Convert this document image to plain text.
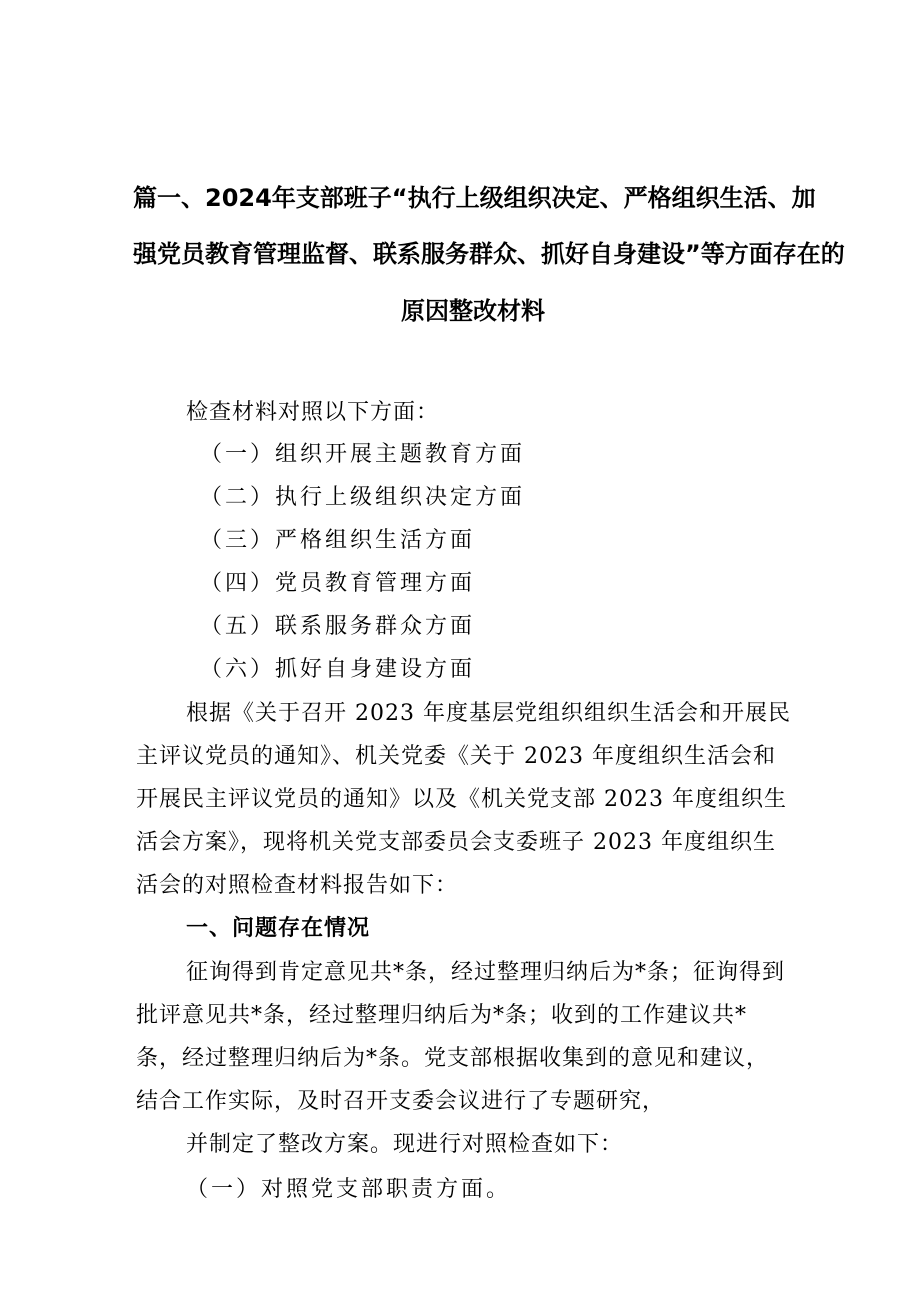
篇一、2024年支部班子“执行上级组织决定、严格组织生活、加
强党员教育管理监督、联系服务群众、抓好自身建设”等方面存在的
原因整改材料
检查材料对照以下方面：
（一）组织开展主题教育方面
（二）执行上级组织决定方面
（三）严格组织生活方面
（四）党员教育管理方面
（五）联系服务群众方面
（六）抓好自身建设方面
根据《关于召开 2023 年度基层党组织组织生活会和开展民
主评议党员的通知》、机关党委《关于 2023 年度组织生活会和
开展民主评议党员的通知》以及《机关党支部 2023 年度组织生
活会方案》，现将机关党支部委员会支委班子 2023 年度组织生
活会的对照检查材料报告如下：
一、问题存在情况
征询得到肯定意见共*条，经过整理归纳后为*条；征询得到
批评意见共*条，经过整理归纳后为*条；收到的工作建议共*
条，经过整理归纳后为*条。党支部根据收集到的意见和建议，
结合工作实际，及时召开支委会议进行了专题研究，
并制定了整改方案。现进行对照检查如下：
（一）对照党支部职责方面。
